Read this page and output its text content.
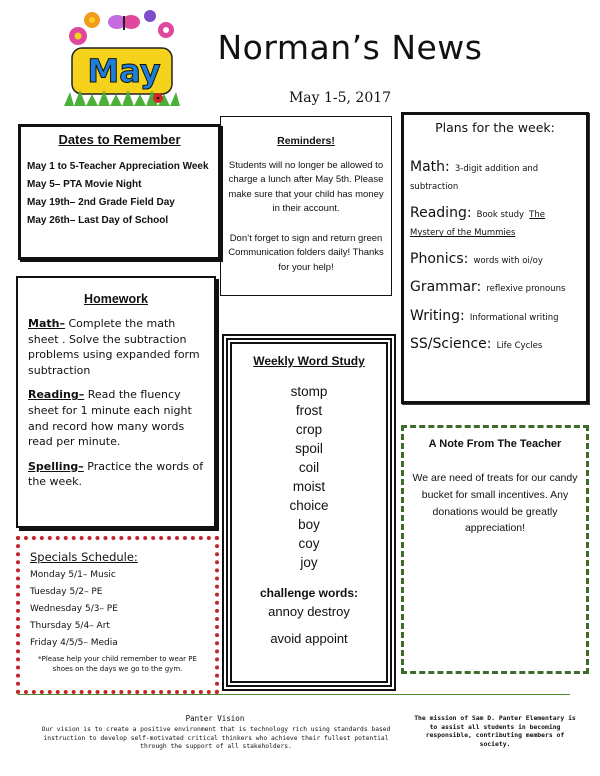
May
Norman’s News
May 1-5, 2017
Dates to Remember
May 1 to 5-Teacher Appreciation Week
May 5– PTA Movie Night
May 19th– 2nd Grade Field Day
May 26th– Last Day of School
Reminders!
Students will no longer be allowed to charge a lunch after May 5th. Please make sure that your child has money in their account.
Don’t forget to sign and return green Communication folders daily! Thanks for your help!
Plans for the week:
Math: 3-digit addition and subtraction
Reading: Book study The Mystery of the Mummies
Phonics: words with oi/oy
Grammar: reflexive pronouns
Writing: Informational writing
SS/Science: Life Cycles
Homework
Math– Complete the math sheet . Solve the subtraction problems using expanded form subtraction
Reading– Read the fluency sheet for 1 minute each night and record how many words read per minute.
Spelling– Practice the words of the week.
Weekly Word Study
stomp
frost
crop
spoil
coil
moist
choice
boy
coy
joy
challenge words:
annoy destroy
avoid appoint
A Note From The Teacher
We are need of treats for our candy bucket for small incentives. Any donations would be greatly appreciation!
Specials Schedule:
Monday 5/1– Music
Tuesday 5/2– PE
Wednesday 5/3– PE
Thursday 5/4– Art
Friday 4/5/5– Media
*Please help your child remember to wear PE shoes on the days we go to the gym.
Panter Vision
Our vision is to create a positive environment that is technology rich using standards based instruction to develop self-motivated critical thinkers who achieve their fullest potential through the support of all stakeholders.
The mission of Sam D. Panter Elementary is to assist all students in becoming responsible, contributing members of society.
